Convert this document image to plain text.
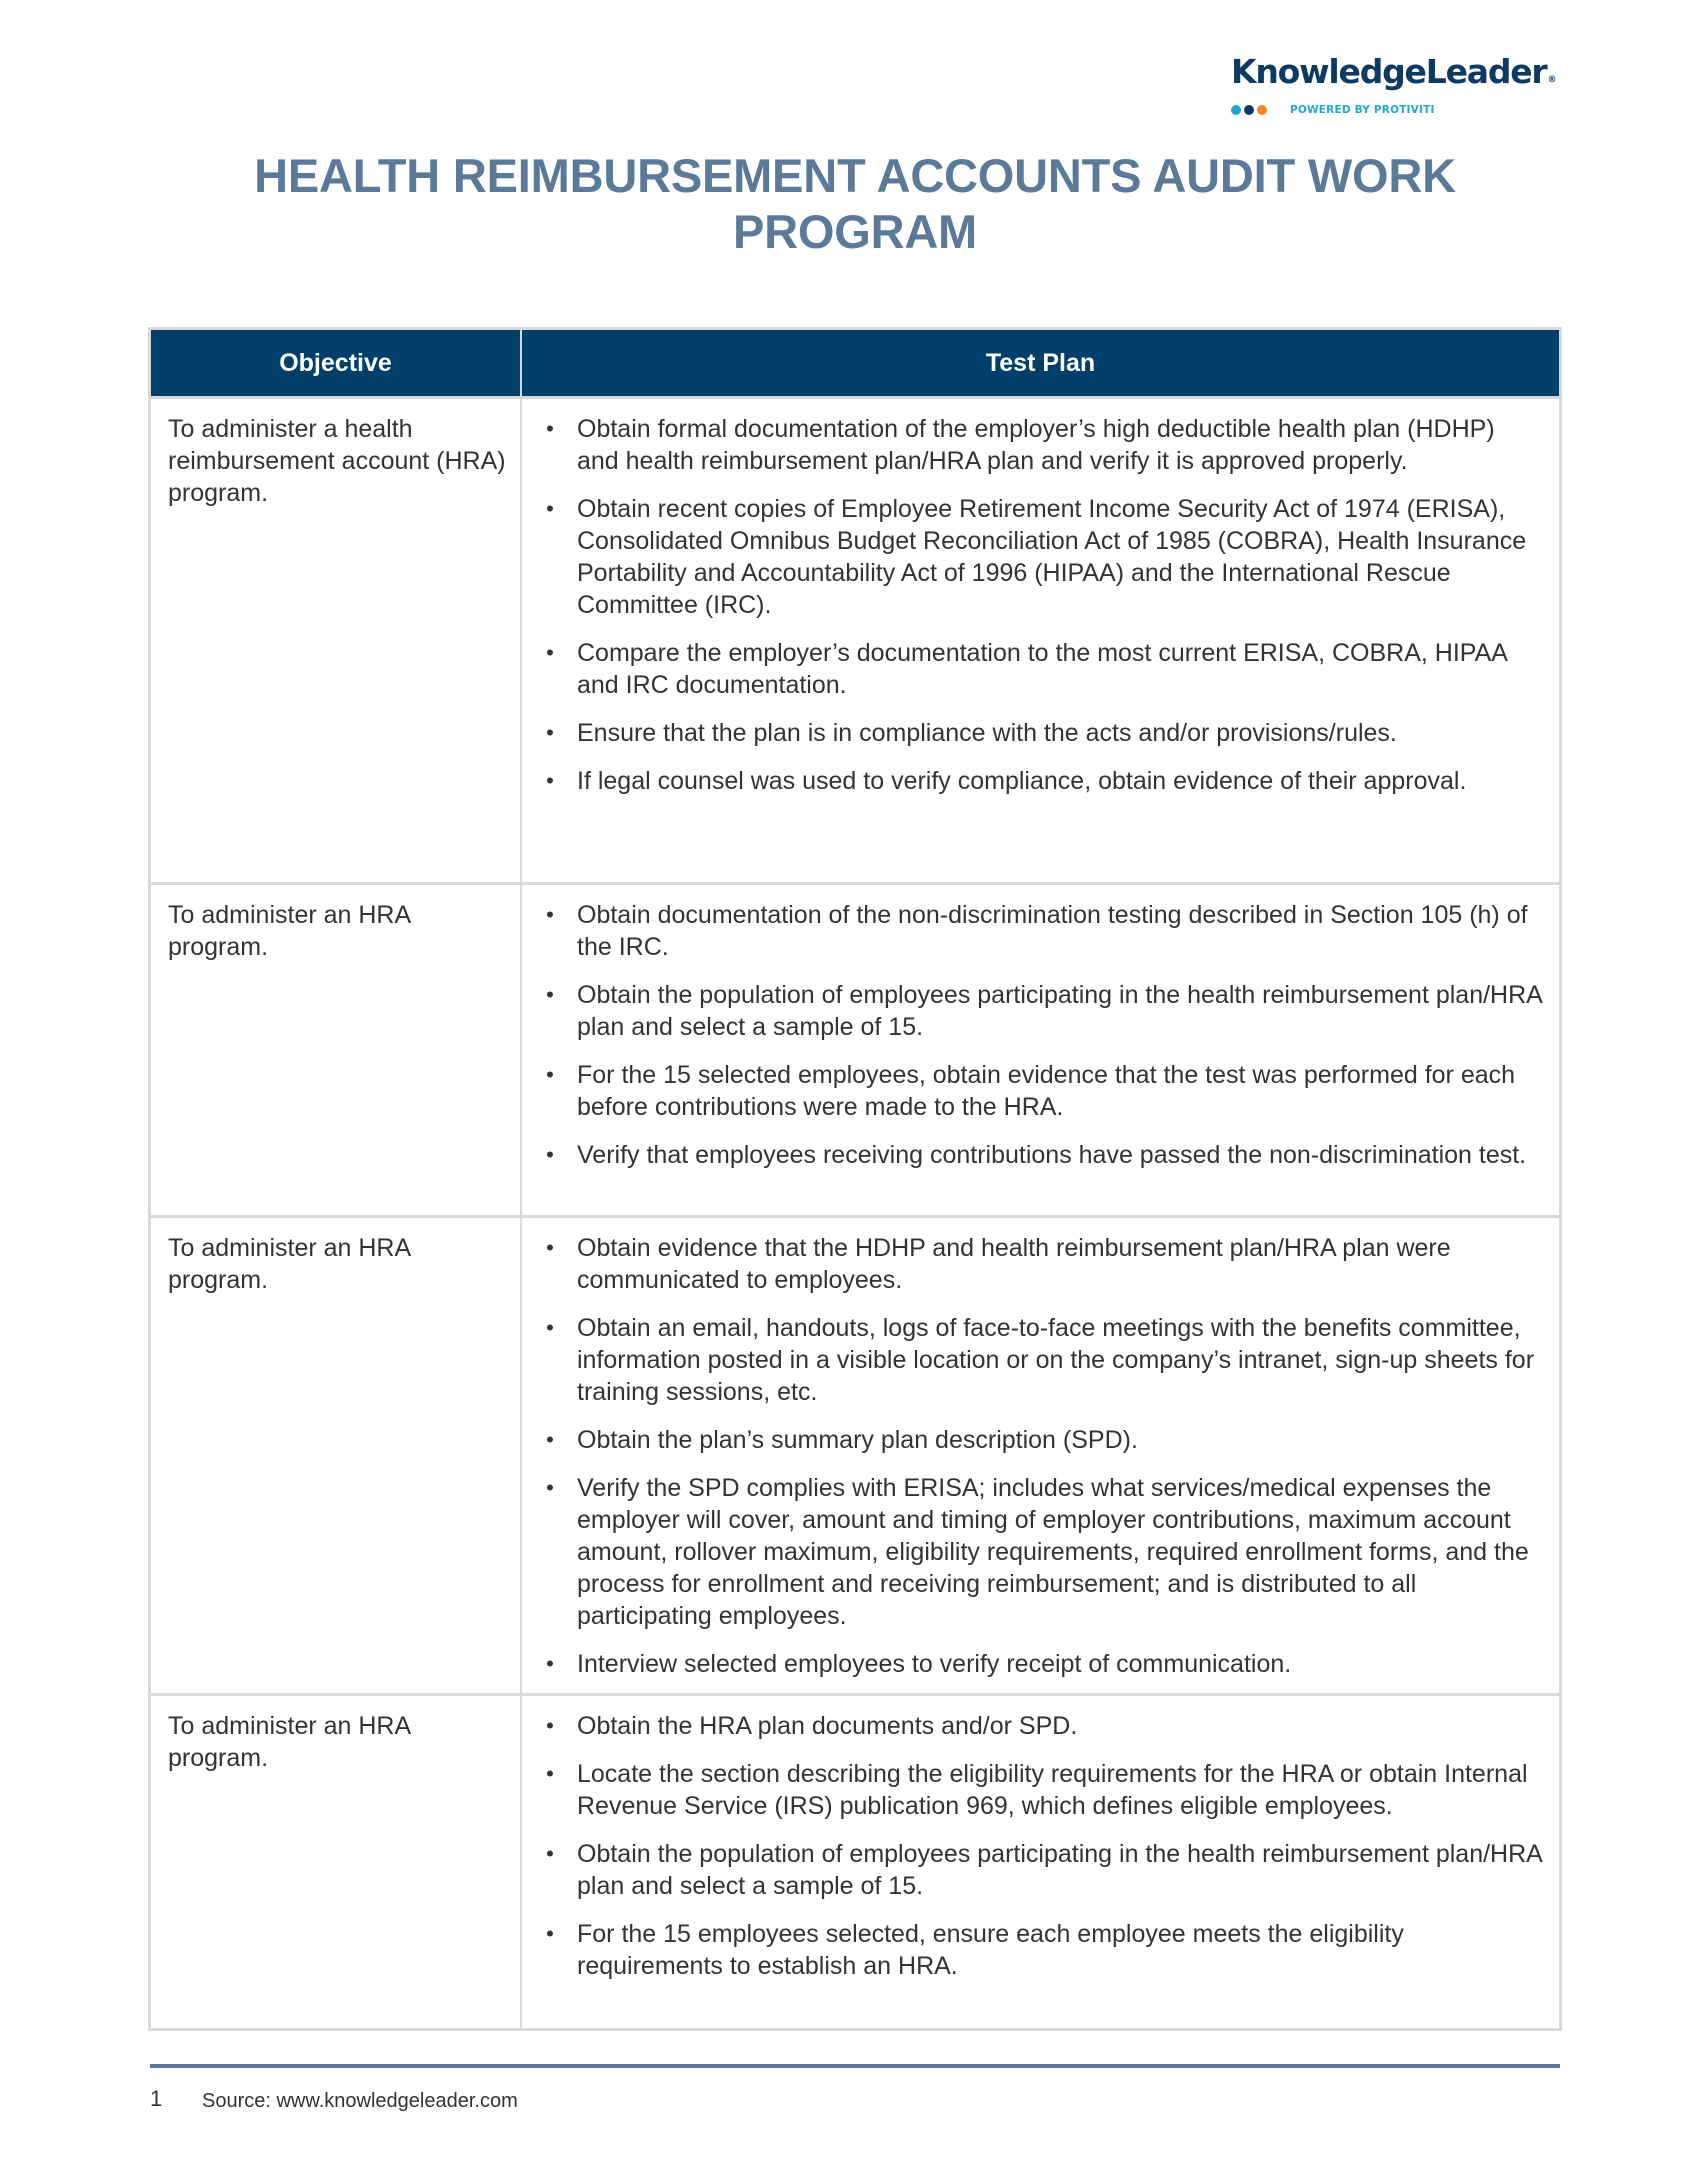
KnowledgeLeader®
POWERED BY PROTIVITI
HEALTH REIMBURSEMENT ACCOUNTS AUDIT WORK PROGRAM
Objective	Test Plan
To administer a health reimbursement account (HRA) program.
• Obtain formal documentation of the employer’s high deductible health plan (HDHP) and health reimbursement plan/HRA plan and verify it is approved properly.
• Obtain recent copies of Employee Retirement Income Security Act of 1974 (ERISA), Consolidated Omnibus Budget Reconciliation Act of 1985 (COBRA), Health Insurance Portability and Accountability Act of 1996 (HIPAA) and the International Rescue Committee (IRC).
• Compare the employer’s documentation to the most current ERISA, COBRA, HIPAA and IRC documentation.
• Ensure that the plan is in compliance with the acts and/or provisions/rules.
• If legal counsel was used to verify compliance, obtain evidence of their approval.
To administer an HRA program.
• Obtain documentation of the non-discrimination testing described in Section 105 (h) of the IRC.
• Obtain the population of employees participating in the health reimbursement plan/HRA plan and select a sample of 15.
• For the 15 selected employees, obtain evidence that the test was performed for each before contributions were made to the HRA.
• Verify that employees receiving contributions have passed the non-discrimination test.
To administer an HRA program.
• Obtain evidence that the HDHP and health reimbursement plan/HRA plan were communicated to employees.
• Obtain an email, handouts, logs of face-to-face meetings with the benefits committee, information posted in a visible location or on the company’s intranet, sign-up sheets for training sessions, etc.
• Obtain the plan’s summary plan description (SPD).
• Verify the SPD complies with ERISA; includes what services/medical expenses the employer will cover, amount and timing of employer contributions, maximum account amount, rollover maximum, eligibility requirements, required enrollment forms, and the process for enrollment and receiving reimbursement; and is distributed to all participating employees.
• Interview selected employees to verify receipt of communication.
To administer an HRA program.
• Obtain the HRA plan documents and/or SPD.
• Locate the section describing the eligibility requirements for the HRA or obtain Internal Revenue Service (IRS) publication 969, which defines eligible employees.
• Obtain the population of employees participating in the health reimbursement plan/HRA plan and select a sample of 15.
• For the 15 employees selected, ensure each employee meets the eligibility requirements to establish an HRA.
1 Source: www.knowledgeleader.com
